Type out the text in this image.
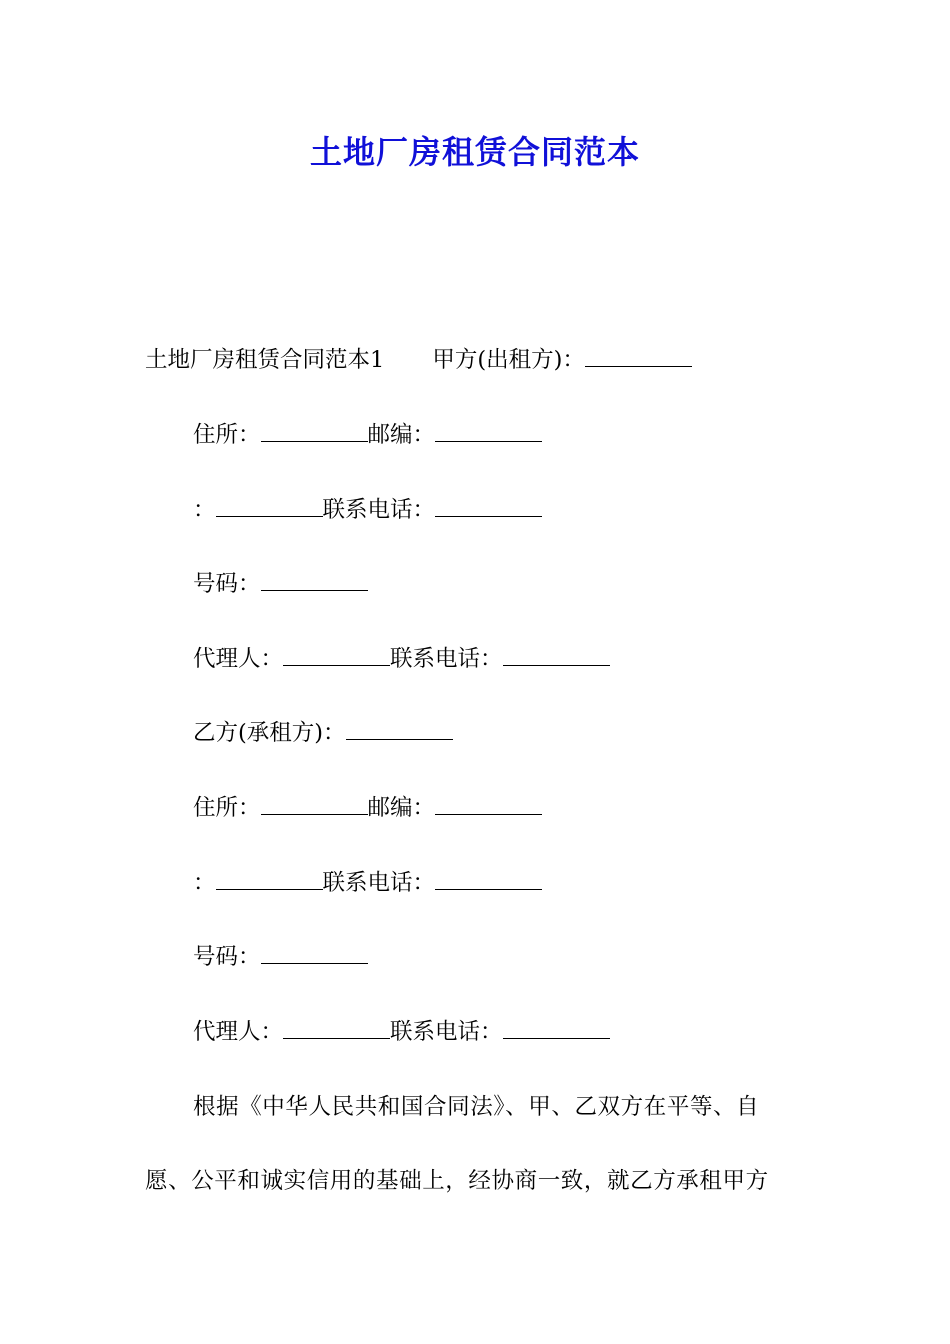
土地厂房租赁合同范本
土地厂房租赁合同范本1 甲方(出租方)：
住所：	邮编：
：	联系电话：
号码：
代理人：	联系电话：
乙方(承租方)：
住所：	邮编：
：	联系电话：
号码：
代理人：	联系电话：
根据《中华人民共和国合同法》、甲、乙双方在平等、自
愿、公平和诚实信用的基础上，经协商一致，就乙方承租甲方
